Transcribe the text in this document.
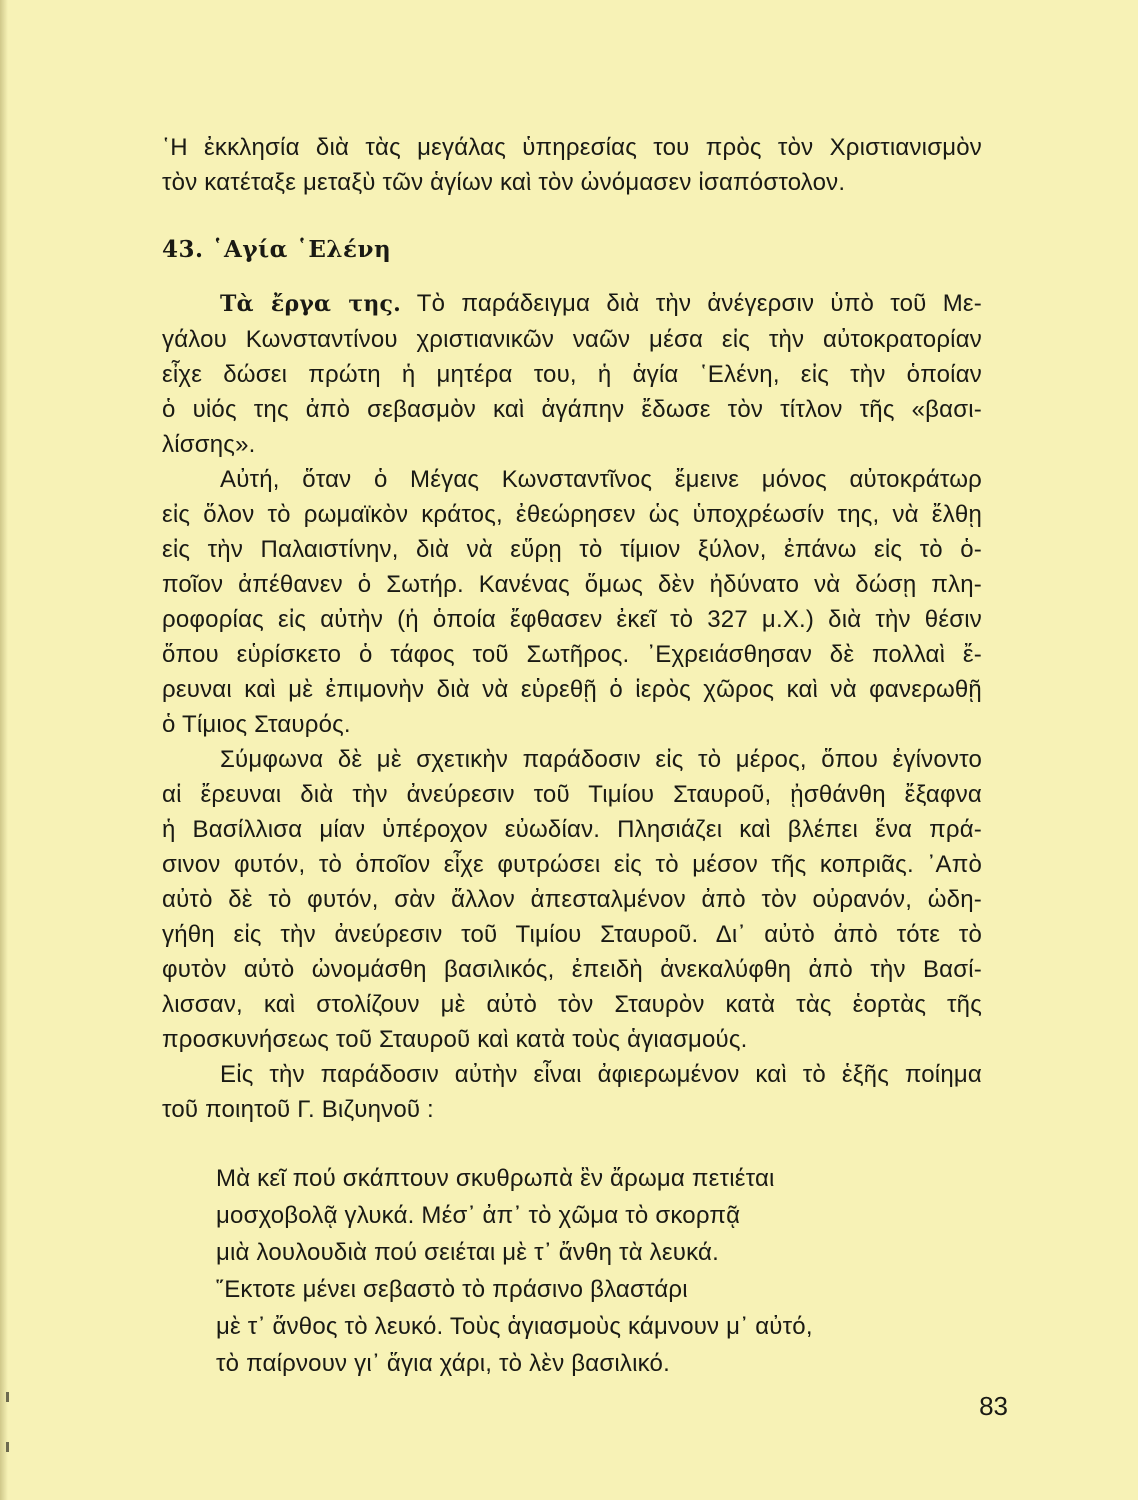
῾Η ἐκκλησία διὰ τὰς μεγάλας ὑπηρεσίας του πρὸς τὸν Χριστιανισμὸν
τὸν κατέταξε μεταξὺ τῶν ἁγίων καὶ τὸν ὠνόμασεν ἰσαπόστολον.
43. ῾Αγία ῾Ελένη
Τὰ ἔργα της. Τὸ παράδειγμα διὰ τὴν ἀνέγερσιν ὑπὸ τοῦ Με-
γάλου Κωνσταντίνου χριστιανικῶν ναῶν μέσα εἰς τὴν αὐτοκρατορίαν
εἶχε δώσει πρώτη ἡ μητέρα του, ἡ ἁγία ῾Ελένη, εἰς τὴν ὁποίαν
ὁ υἱός της ἀπὸ σεβασμὸν καὶ ἀγάπην ἔδωσε τὸν τίτλον τῆς «βασι-
λίσσης».
Αὐτή, ὅταν ὁ Μέγας Κωνσταντῖνος ἔμεινε μόνος αὐτοκράτωρ
εἰς ὅλον τὸ ρωμαϊκὸν κράτος, ἐθεώρησεν ὡς ὑποχρέωσίν της, νὰ ἔλθῃ
εἰς τὴν Παλαιστίνην, διὰ νὰ εὕρῃ τὸ τίμιον ξύλον, ἐπάνω εἰς τὸ ὁ-
ποῖον ἀπέθανεν ὁ Σωτήρ. Κανένας ὅμως δὲν ἠδύνατο νὰ δώσῃ πλη-
ροφορίας εἰς αὐτὴν (ἡ ὁποία ἔφθασεν ἐκεῖ τὸ 327 μ.Χ.) διὰ τὴν θέσιν
ὅπου εὑρίσκετο ὁ τάφος τοῦ Σωτῆρος. ᾿Εχρειάσθησαν δὲ πολλαὶ ἔ-
ρευναι καὶ μὲ ἐπιμονὴν διὰ νὰ εὑρεθῇ ὁ ἱερὸς χῶρος καὶ νὰ φανερωθῇ
ὁ Τίμιος Σταυρός.
Σύμφωνα δὲ μὲ σχετικὴν παράδοσιν εἰς τὸ μέρος, ὅπου ἐγίνοντο
αἱ ἔρευναι διὰ τὴν ἀνεύρεσιν τοῦ Τιμίου Σταυροῦ, ᾐσθάνθη ἔξαφνα
ἡ Βασίλλισα μίαν ὑπέροχον εὐωδίαν. Πλησιάζει καὶ βλέπει ἕνα πρά-
σινον φυτόν, τὸ ὁποῖον εἶχε φυτρώσει εἰς τὸ μέσον τῆς κοπριᾶς. ᾿Απὸ
αὐτὸ δὲ τὸ φυτόν, σὰν ἄλλον ἀπεσταλμένον ἀπὸ τὸν οὐρανόν, ὡδη-
γήθη εἰς τὴν ἀνεύρεσιν τοῦ Τιμίου Σταυροῦ. Δι᾿ αὐτὸ ἀπὸ τότε τὸ
φυτὸν αὐτὸ ὠνομάσθη βασιλικός, ἐπειδὴ ἀνεκαλύφθη ἀπὸ τὴν Βασί-
λισσαν, καὶ στολίζουν μὲ αὐτὸ τὸν Σταυρὸν κατὰ τὰς ἑορτὰς τῆς
προσκυνήσεως τοῦ Σταυροῦ καὶ κατὰ τοὺς ἁγιασμούς.
Εἰς τὴν παράδοσιν αὐτὴν εἶναι ἀφιερωμένον καὶ τὸ ἑξῆς ποίημα
τοῦ ποιητοῦ Γ. Βιζυηνοῦ :
Μὰ κεῖ πού σκάπτουν σκυθρωπὰ ἓν ἄρωμα πετιέται
μοσχοβολᾷ γλυκά. Μέσ᾿ ἀπ᾿ τὸ χῶμα τὸ σκορπᾷ
μιὰ λουλουδιὰ πού σειέται μὲ τ᾿ ἄνθη τὰ λευκά.
῞Εκτοτε μένει σεβαστὸ τὸ πράσινο βλαστάρι
μὲ τ᾿ ἄνθος τὸ λευκό. Τοὺς ἁγιασμοὺς κάμνουν μ᾿ αὐτό,
τὸ παίρνουν γι᾿ ἅγια χάρι, τὸ λὲν βασιλικό.
83
